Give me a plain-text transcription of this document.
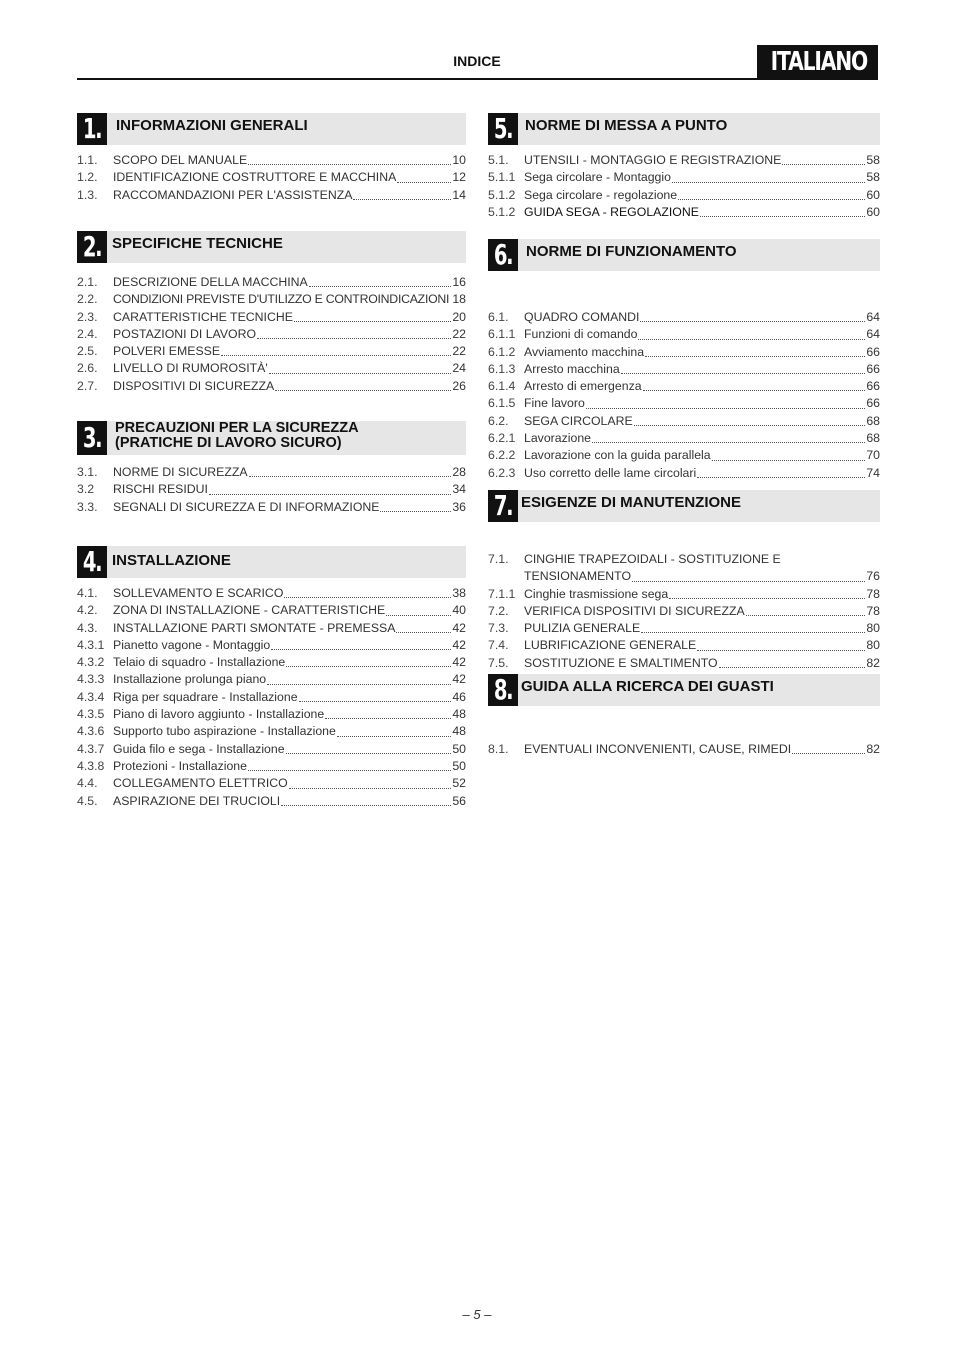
INDICE	ITALIANO
1. INFORMAZIONI GENERALI
1.1.	SCOPO DEL MANUALE	10
1.2.	IDENTIFICAZIONE COSTRUTTORE E MACCHINA	12
1.3.	RACCOMANDAZIONI PER L'ASSISTENZA	14
2. SPECIFICHE TECNICHE
2.1.	DESCRIZIONE DELLA MACCHINA	16
2.2.	CONDIZIONI PREVISTE D'UTILIZZO E CONTROINDICAZIONI 18
2.3.	CARATTERISTICHE TECNICHE	20
2.4.	POSTAZIONI DI LAVORO	22
2.5.	POLVERI EMESSE	22
2.6.	LIVELLO DI RUMOROSITÀ'	24
2.7.	DISPOSITIVI DI SICUREZZA	26
3. PRECAUZIONI PER LA SICUREZZA
(PRATICHE DI LAVORO SICURO)
3.1.	NORME DI SICUREZZA	28
3.2	RISCHI RESIDUI	34
3.3.	SEGNALI DI SICUREZZA E DI INFORMAZIONE	36
4. INSTALLAZIONE
4.1.	SOLLEVAMENTO E SCARICO	38
4.2.	ZONA DI INSTALLAZIONE - CARATTERISTICHE	40
4.3.	INSTALLAZIONE PARTI SMONTATE - PREMESSA	42
4.3.1 Pianetto vagone - Montaggio	42
4.3.2 Telaio di squadro - Installazione	42
4.3.3 Installazione prolunga piano	42
4.3.4 Riga per squadrare - Installazione	46
4.3.5 Piano di lavoro aggiunto - Installazione	48
4.3.6 Supporto tubo aspirazione - Installazione	48
4.3.7 Guida filo e sega - Installazione	50
4.3.8 Protezioni - Installazione	50
4.4.	COLLEGAMENTO ELETTRICO	52
4.5.	ASPIRAZIONE DEI TRUCIOLI	56
5. NORME DI MESSA A PUNTO
5.1.	UTENSILI - MONTAGGIO E REGISTRAZIONE	58
5.1.1 Sega circolare - Montaggio	58
5.1.2 Sega circolare - regolazione	60
5.1.2 GUIDA SEGA - REGOLAZIONE	60
6. NORME DI FUNZIONAMENTO
6.1.	QUADRO COMANDI	64
6.1.1 Funzioni di comando	64
6.1.2 Avviamento macchina	66
6.1.3 Arresto macchina	66
6.1.4 Arresto di emergenza	66
6.1.5 Fine lavoro	66
6.2.	SEGA CIRCOLARE	68
6.2.1 Lavorazione	68
6.2.2 Lavorazione con la guida parallela	70
6.2.3 Uso corretto delle lame circolari	74
7. ESIGENZE DI MANUTENZIONE
7.1.	CINGHIE TRAPEZOIDALI - SOSTITUZIONE E
TENSIONAMENTO	76
7.1.1 Cinghie trasmissione sega	78
7.2.	VERIFICA DISPOSITIVI DI SICUREZZA	78
7.3.	PULIZIA GENERALE	80
7.4.	LUBRIFICAZIONE GENERALE	80
7.5.	SOSTITUZIONE E SMALTIMENTO	82
8. GUIDA ALLA RICERCA DEI GUASTI
8.1.	EVENTUALI INCONVENIENTI, CAUSE, RIMEDI	82
– 5 –
